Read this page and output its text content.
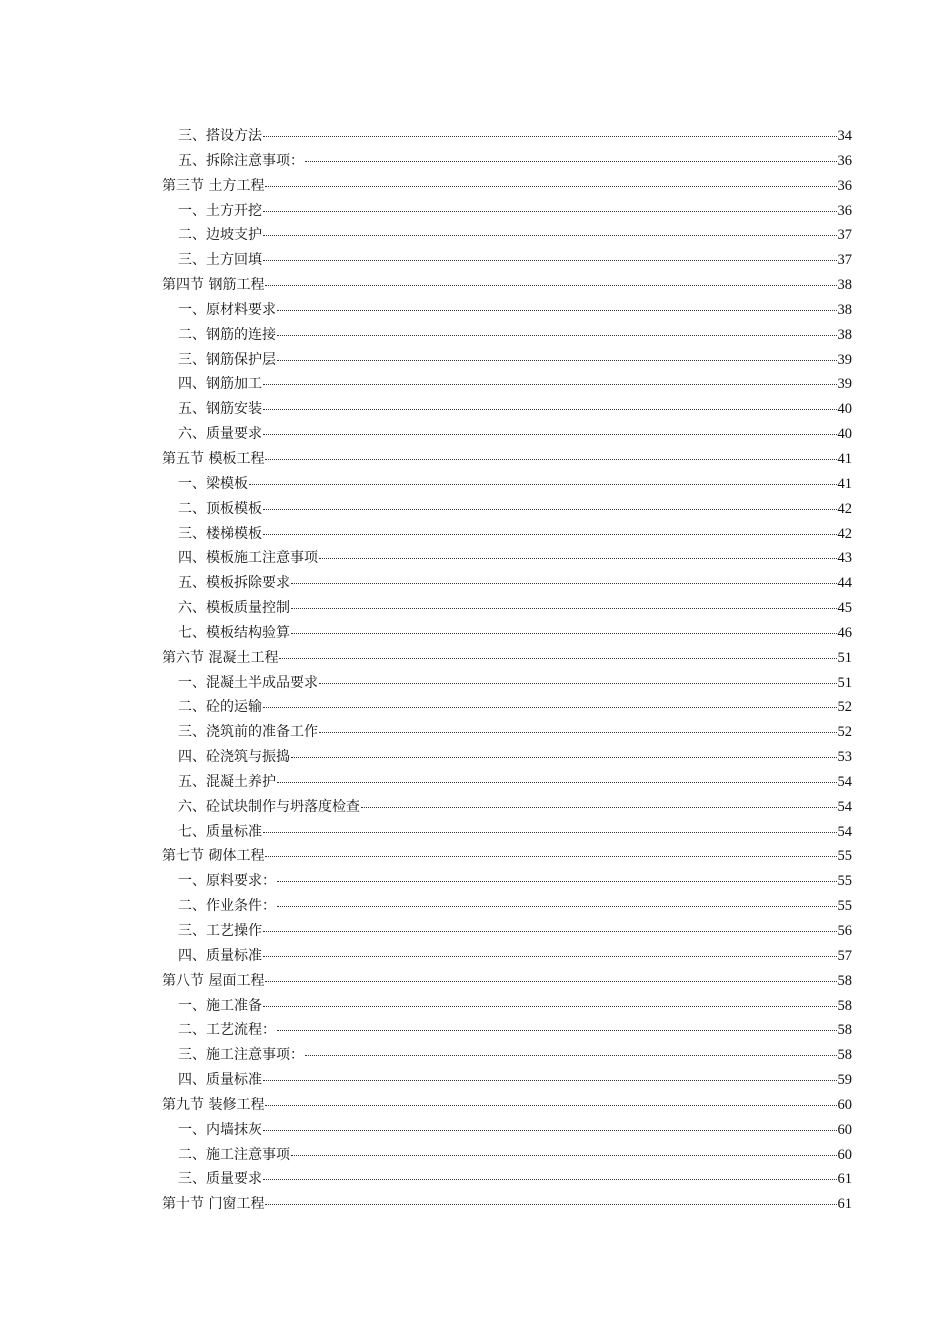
三、搭设方法	34
五、拆除注意事项：	36
第三节 土方工程	36
一、土方开挖	36
二、边坡支护	37
三、土方回填	37
第四节 钢筋工程	38
一、原材料要求	38
二、钢筋的连接	38
三、钢筋保护层	39
四、钢筋加工	39
五、钢筋安装	40
六、质量要求	40
第五节 模板工程	41
一、梁模板	41
二、顶板模板	42
三、楼梯模板	42
四、模板施工注意事项	43
五、模板拆除要求	44
六、模板质量控制	45
七、模板结构验算	46
第六节 混凝土工程	51
一、混凝土半成品要求	51
二、砼的运输	52
三、浇筑前的准备工作	52
四、砼浇筑与振捣	53
五、混凝土养护	54
六、砼试块制作与坍落度检查	54
七、质量标准	54
第七节 砌体工程	55
一、原料要求：	55
二、作业条件：	55
三、工艺操作	56
四、质量标准	57
第八节 屋面工程	58
一、施工准备	58
二、工艺流程：	58
三、施工注意事项：	58
四、质量标准	59
第九节 装修工程	60
一、内墙抹灰	60
二、施工注意事项	60
三、质量要求	61
第十节 门窗工程	61
